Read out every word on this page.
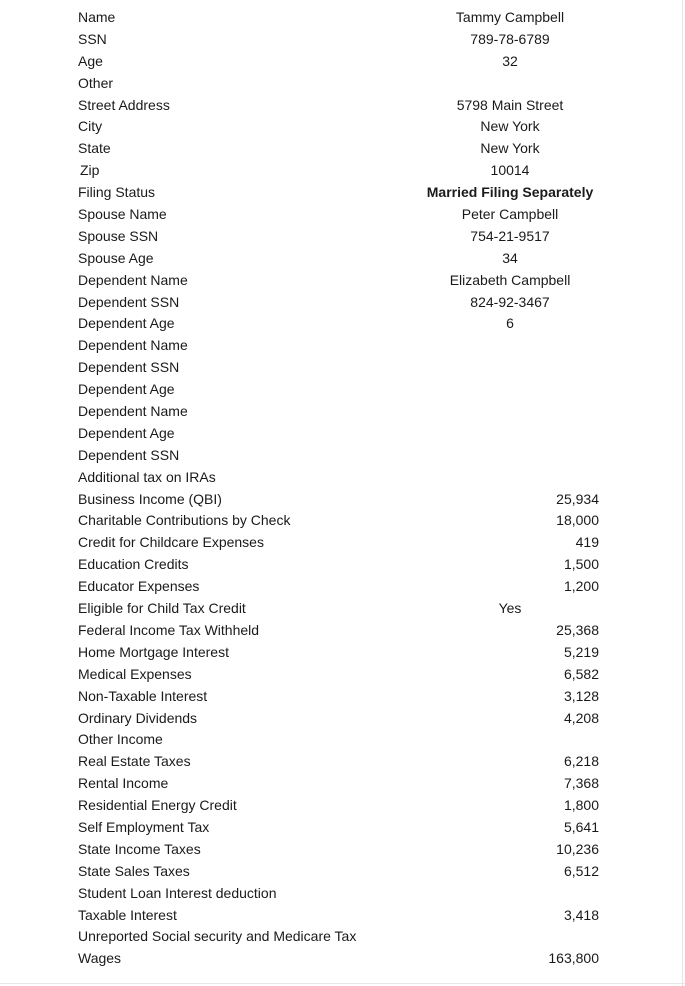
Name	Tammy Campbell
SSN	789-78-6789
Age	32
Other
Street Address	5798 Main Street
City	New York
State	New York
Zip	10014
Filing Status	Married Filing Separately
Spouse Name	Peter Campbell
Spouse SSN	754-21-9517
Spouse Age	34
Dependent Name	Elizabeth Campbell
Dependent SSN	824-92-3467
Dependent Age	6
Dependent Name
Dependent SSN
Dependent Age
Dependent Name
Dependent Age
Dependent SSN
Additional tax on IRAs
Business Income (QBI)	25,934
Charitable Contributions by Check	18,000
Credit for Childcare Expenses	419
Education Credits	1,500
Educator Expenses	1,200
Eligible for Child Tax Credit	Yes
Federal Income Tax Withheld	25,368
Home Mortgage Interest	5,219
Medical Expenses	6,582
Non-Taxable Interest	3,128
Ordinary Dividends	4,208
Other Income
Real Estate Taxes	6,218
Rental Income	7,368
Residential Energy Credit	1,800
Self Employment Tax	5,641
State Income Taxes	10,236
State Sales Taxes	6,512
Student Loan Interest deduction
Taxable Interest	3,418
Unreported Social security and Medicare Tax
Wages	163,800
